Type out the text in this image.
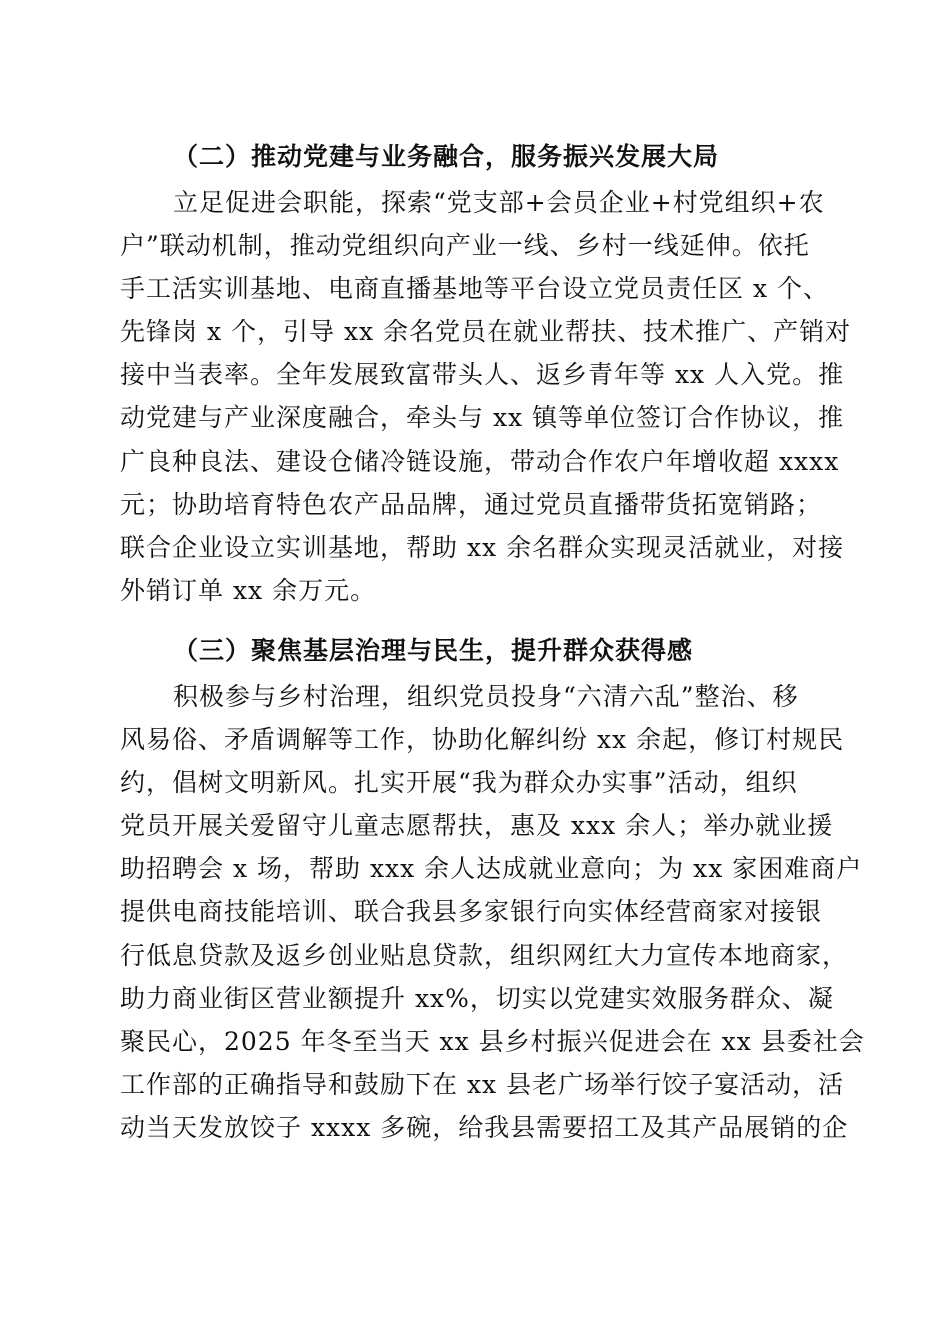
（二）推动党建与业务融合，服务振兴发展大局
立足促进会职能，探索“党支部+会员企业+村党组织+农
户”联动机制，推动党组织向产业一线、乡村一线延伸。依托
手工活实训基地、电商直播基地等平台设立党员责任区 x 个、
先锋岗 x 个，引导 xx 余名党员在就业帮扶、技术推广、产销对
接中当表率。全年发展致富带头人、返乡青年等 xx 人入党。推
动党建与产业深度融合，牵头与 xx 镇等单位签订合作协议，推
广良种良法、建设仓储冷链设施，带动合作农户年增收超 xxxx
元；协助培育特色农产品品牌，通过党员直播带货拓宽销路；
联合企业设立实训基地，帮助 xx 余名群众实现灵活就业，对接
外销订单 xx 余万元。
（三）聚焦基层治理与民生，提升群众获得感
积极参与乡村治理，组织党员投身“六清六乱”整治、移
风易俗、矛盾调解等工作，协助化解纠纷 xx 余起，修订村规民
约，倡树文明新风。扎实开展“我为群众办实事”活动，组织
党员开展关爱留守儿童志愿帮扶，惠及 xxx 余人；举办就业援
助招聘会 x 场，帮助 xxx 余人达成就业意向；为 xx 家困难商户
提供电商技能培训、联合我县多家银行向实体经营商家对接银
行低息贷款及返乡创业贴息贷款，组织网红大力宣传本地商家，
助力商业街区营业额提升 xx%，切实以党建实效服务群众、凝
聚民心，2025 年冬至当天 xx 县乡村振兴促进会在 xx 县委社会
工作部的正确指导和鼓励下在 xx 县老广场举行饺子宴活动，活
动当天发放饺子 xxxx 多碗，给我县需要招工及其产品展销的企
